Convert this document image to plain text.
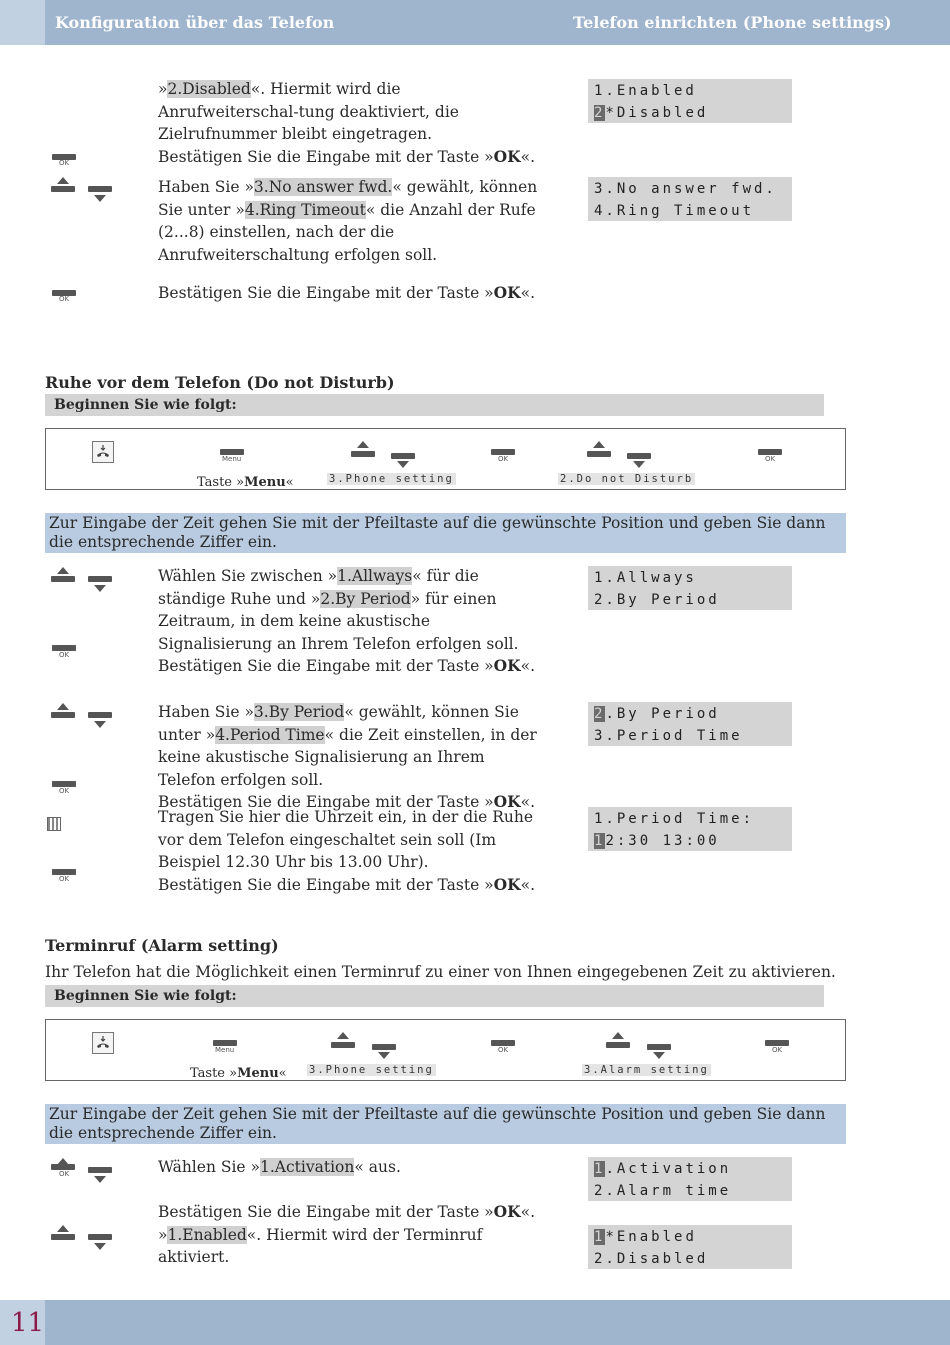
Konfiguration über das Telefon	Telefon einrichten (Phone settings)

»2.Disabled«. Hiermit wird die Anrufweiterschal-tung deaktiviert, die Zielrufnummer bleibt eingetragen.

Bestätigen Sie die Eingabe mit der Taste »OK«.

1.Enabled
2*Disabled
OK

Haben Sie »3.No answer fwd.« gewählt, können Sie unter »4.Ring Timeout« die Anzahl der Rufe (2...8) einstellen, nach der die Anrufweiterschaltung erfolgen soll.

3.No answer fwd.
4.Ring Timeout
OK	Bestätigen Sie die Eingabe mit der Taste »OK«.

Ruhe vor dem Telefon (Do not Disturb)
Beginnen Sie wie folgt:
Menu
Taste »Menu«	3.Phone setting
OK
2.Do not Disturb
OK
Zur Eingabe der Zeit gehen Sie mit der Pfeiltaste auf die gewünschte Position und geben Sie dann die entsprechende Ziffer ein.

Wählen Sie zwischen »1.Allways« für die ständige Ruhe und »2.By Period» für einen Zeitraum, in dem keine akustische Signalisierung an Ihrem Telefon erfolgen soll.

Bestätigen Sie die Eingabe mit der Taste »OK«.

1.Allways
2.By Period
OK

Haben Sie »3.By Period« gewählt, können Sie unter »4.Period Time« die Zeit einstellen, in der keine akustische Signalisierung an Ihrem Telefon erfolgen soll.

Bestätigen Sie die Eingabe mit der Taste »OK«.

2.By Period
3.Period Time
OK

Tragen Sie hier die Uhrzeit ein, in der die Ruhe vor dem Telefon eingeschaltet sein soll (Im Beispiel 12.30 Uhr bis 13.00 Uhr).

Bestätigen Sie die Eingabe mit der Taste »OK«.

1.Period Time:
12:30 13:00
OK
Terminruf (Alarm setting)
Ihr Telefon hat die Möglichkeit einen Terminruf zu einer von Ihnen eingegebenen Zeit zu aktivieren.
Beginnen Sie wie folgt:
Menu
Taste »Menu« 3.Phone setting
OK
3.Alarm setting
OK
Zur Eingabe der Zeit gehen Sie mit der Pfeiltaste auf die gewünschte Position und geben Sie dann die entsprechende Ziffer ein.
OK	Wählen Sie »1.Activation« aus.	1.Activation
2.Alarm time

Bestätigen Sie die Eingabe mit der Taste »OK«.

»1.Enabled«. Hiermit wird der Terminruf aktiviert.

1*Enabled
2.Disabled
11
